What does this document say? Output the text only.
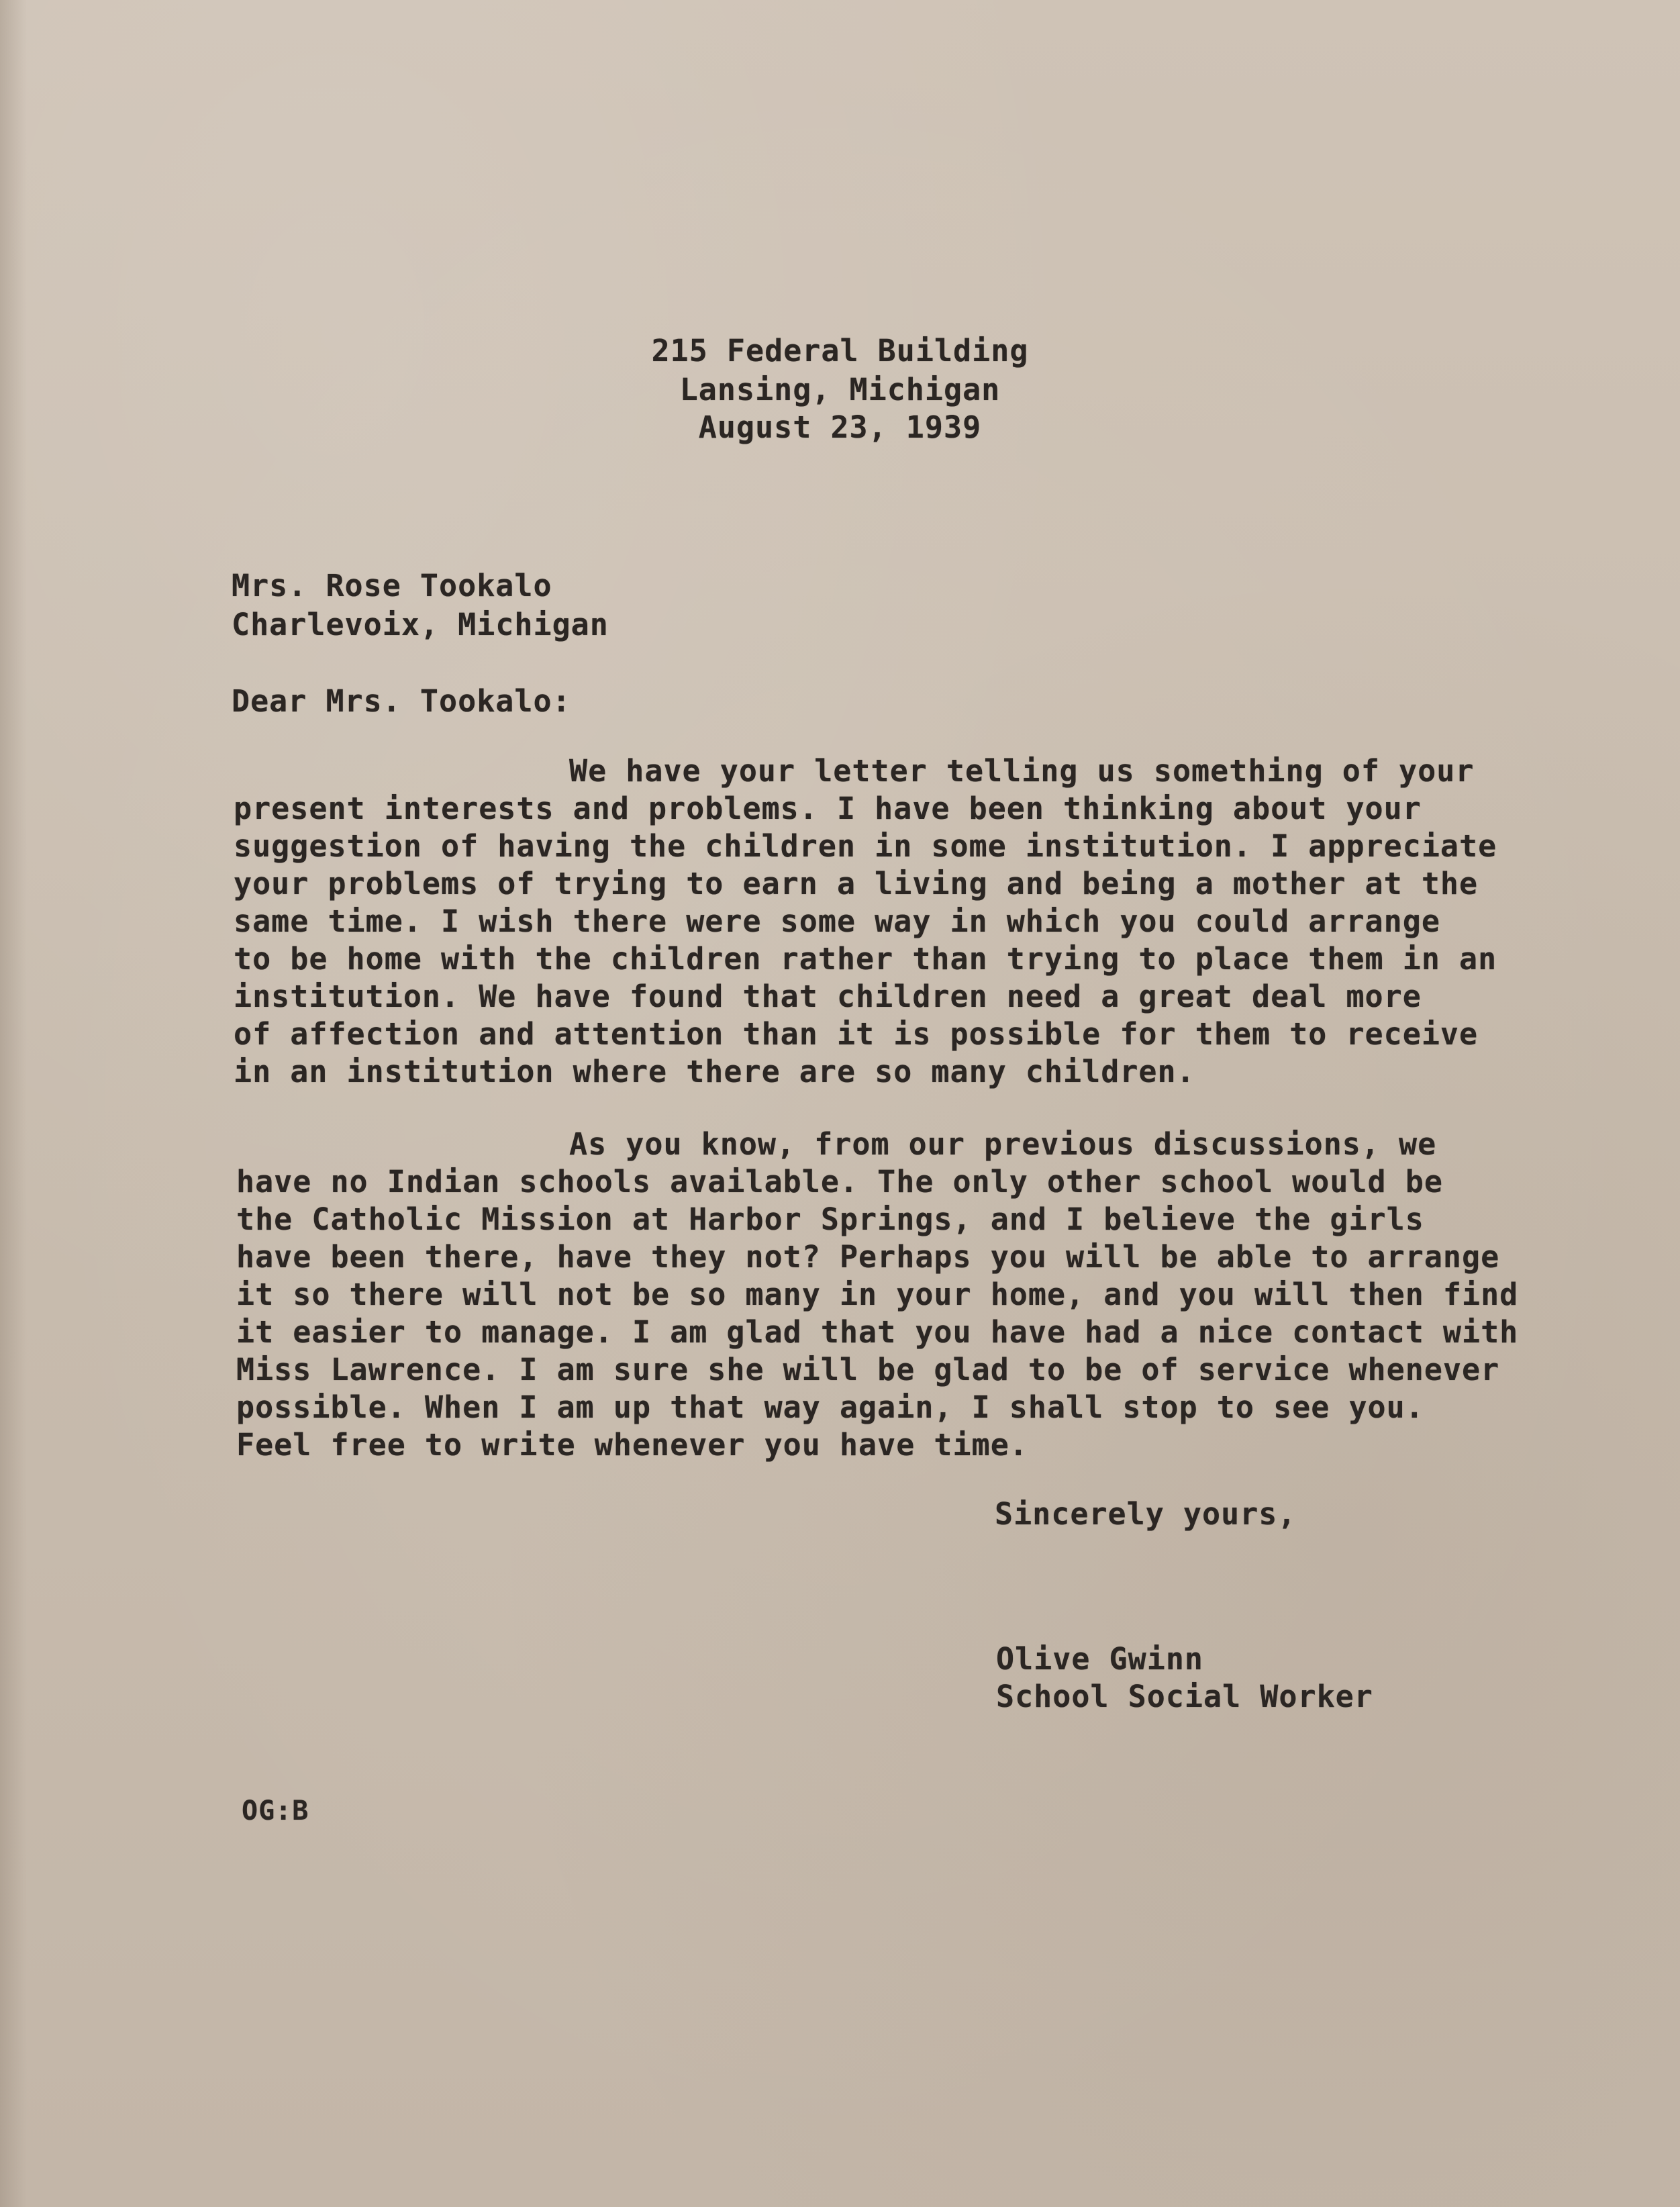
215 Federal Building
Lansing, Michigan
August 23, 1939
Mrs. Rose Tookalo
Charlevoix, Michigan
Dear Mrs. Tookalo:
We have your letter telling us something of your
present interests and problems. I have been thinking about your
suggestion of having the children in some institution. I appreciate
your problems of trying to earn a living and being a mother at the
same time. I wish there were some way in which you could arrange
to be home with the children rather than trying to place them in an
institution. We have found that children need a great deal more
of affection and attention than it is possible for them to receive
in an institution where there are so many children.
As you know, from our previous discussions, we
have no Indian schools available. The only other school would be
the Catholic Mission at Harbor Springs, and I believe the girls
have been there, have they not? Perhaps you will be able to arrange
it so there will not be so many in your home, and you will then find
it easier to manage. I am glad that you have had a nice contact with
Miss Lawrence. I am sure she will be glad to be of service whenever
possible. When I am up that way again, I shall stop to see you.
Feel free to write whenever you have time.
Sincerely yours,
Olive Gwinn
School Social Worker
OG:B
